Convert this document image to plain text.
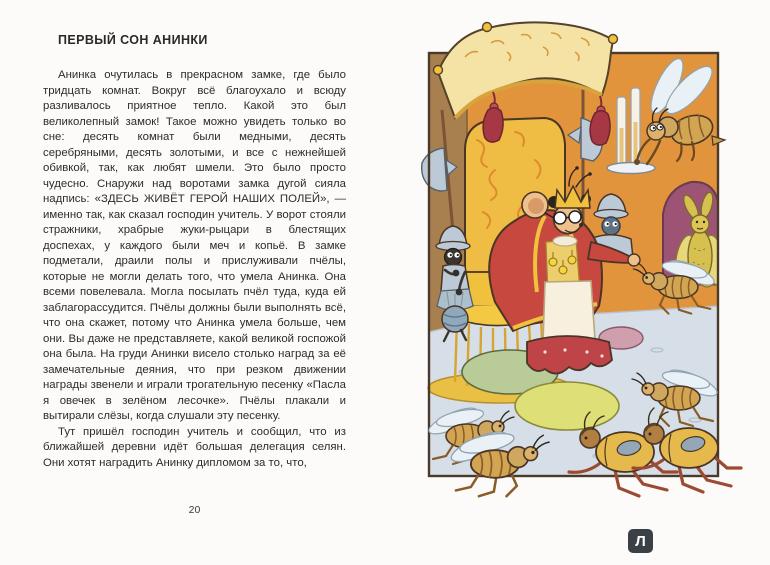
ПЕРВЫЙ СОН АНИНКИ

Анинка очутилась в прекрасном замке, где было тридцать комнат. Вокруг всё благоухало и всюду разливалось приятное тепло. Какой это был великолепный замок! Такое можно увидеть только во сне: десять комнат были медными, десять серебряными, десять золотыми, и все с нежнейшей обивкой, так, как любят шмели. Это было просто чудесно. Снаружи над воротами замка дугой сияла надпись: «ЗДЕСЬ ЖИВЁТ ГЕРОЙ НАШИХ ПОЛЕЙ», — именно так, как сказал господин учитель. У ворот стояли стражники, храбрые жуки-рыцари в блестящих доспехах, у каждого были меч и копьё. В замке подметали, драили полы и прислуживали пчёлы, которые не могли делать того, что умела Анинка. Она всеми повелевала. Могла посылать пчёл туда, куда ей заблагорассудится. Пчёлы должны были выполнять всё, что она скажет, потому что Анинка умела больше, чем они. Вы даже не представляете, какой великой госпожой она была. На груди Анинки висело столько наград за её замечательные деяния, что при резком движении награды звенели и играли трогательную песенку «Пасла я овечек в зелёном лесочке». Пчёлы плакали и вытирали слёзы, когда слушали эту песенку.

Тут пришёл господин учитель и сообщил, что из ближайшей деревни идёт большая делегация селян. Они хотят наградить Анинку дипломом за то, что,

20
Л
